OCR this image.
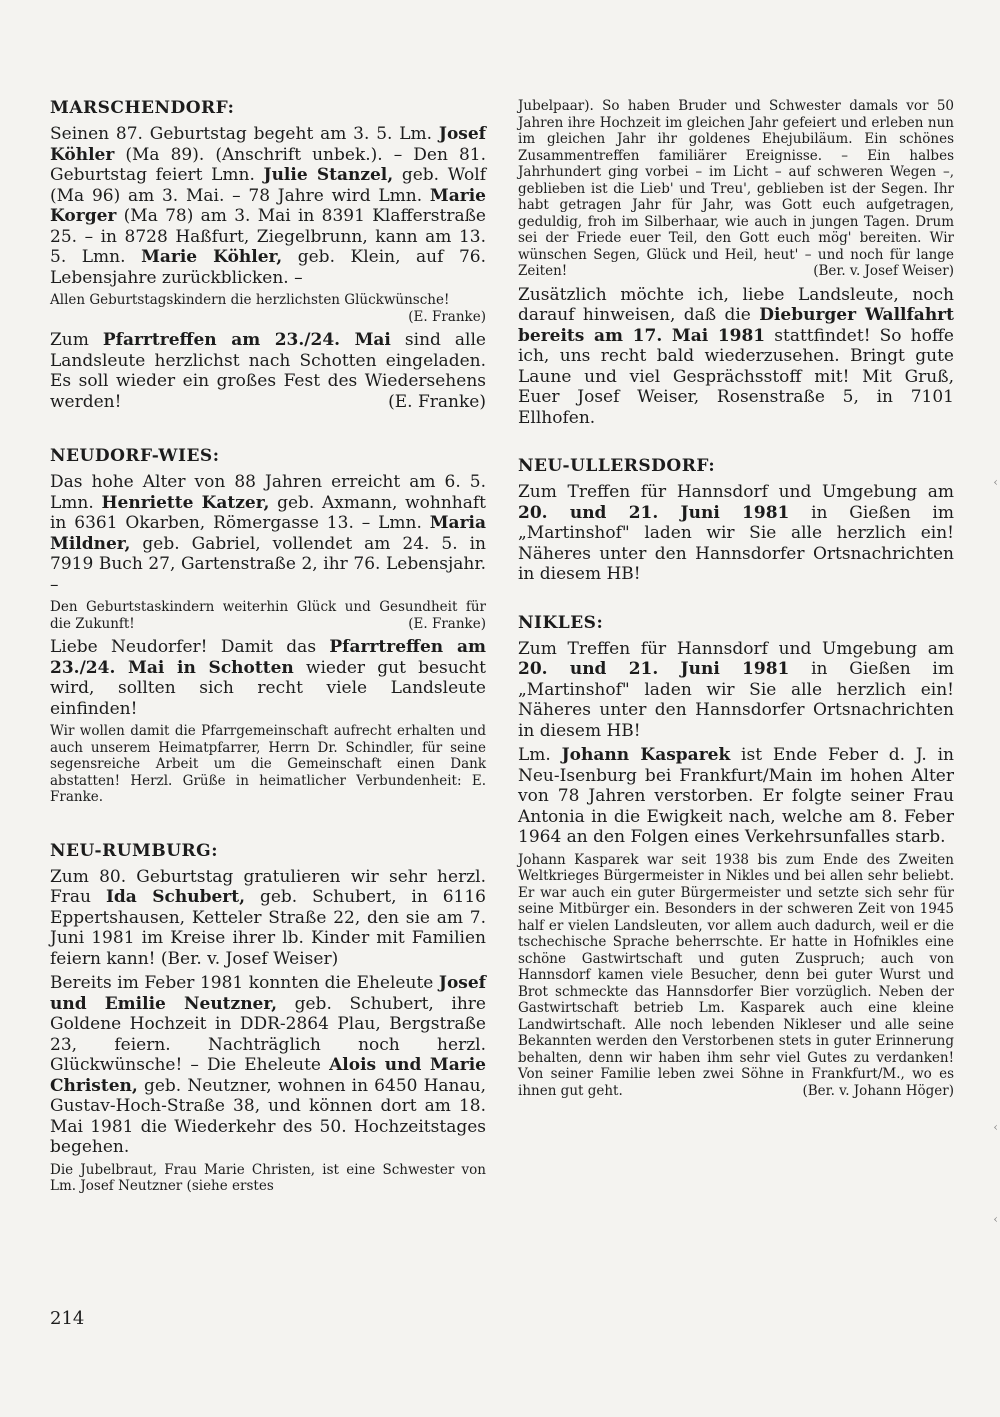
MARSCHENDORF:

Seinen 87. Geburtstag begeht am 3. 5. Lm. Josef Köhler (Ma 89). (Anschrift unbek.). – Den 81. Geburtstag feiert Lmn. Julie Stanzel, geb. Wolf (Ma 96) am 3. Mai. – 78 Jahre wird Lmn. Marie Korger (Ma 78) am 3. Mai in 8391 Klafferstraße 25. – in 8728 Haßfurt, Ziegelbrunn, kann am 13. 5. Lmn. Marie Köhler, geb. Klein, auf 76. Lebensjahre zurückblicken. –

Allen Geburtstagskindern die herzlichsten Glückwünsche!
(E. Franke)

Zum Pfarrtreffen am 23./24. Mai sind alle Landsleute herzlichst nach Schotten eingeladen. Es soll wieder ein großes Fest des Wiedersehens werden!	(E. Franke)

NEUDORF-WIES:

Das hohe Alter von 88 Jahren erreicht am 6. 5. Lmn. Henriette Katzer, geb. Axmann, wohnhaft in 6361 Okarben, Römergasse 13. – Lmn. Maria Mildner, geb. Gabriel, vollendet am 24. 5. in 7919 Buch 27, Gartenstraße 2, ihr 76. Lebensjahr. –

Den Geburtstaskindern weiterhin Glück und Gesundheit für die Zukunft!	(E. Franke)

Liebe Neudorfer! Damit das Pfarrtreffen am 23./24. Mai in Schotten wieder gut besucht wird, sollten sich recht viele Landsleute einfinden!

Wir wollen damit die Pfarrgemeinschaft aufrecht erhalten und auch unserem Heimatpfarrer, Herrn Dr. Schindler, für seine segensreiche Arbeit um die Gemeinschaft einen Dank abstatten! Herzl. Grüße in heimatlicher Verbundenheit: E. Franke.

NEU-RUMBURG:

Zum 80. Geburtstag gratulieren wir sehr herzl. Frau Ida Schubert, geb. Schubert, in 6116 Eppertshausen, Ketteler Straße 22, den sie am 7. Juni 1981 im Kreise ihrer lb. Kinder mit Familien feiern kann! (Ber. v. Josef Weiser)

Bereits im Feber 1981 konnten die Eheleute Josef und Emilie Neutzner, geb. Schubert, ihre Goldene Hochzeit in DDR-2864 Plau, Bergstraße 23, feiern. Nachträglich noch herzl. Glückwünsche! – Die Eheleute Alois und Marie Christen, geb. Neutzner, wohnen in 6450 Hanau, Gustav-Hoch-Straße 38, und können dort am 18. Mai 1981 die Wiederkehr des 50. Hochzeitstages begehen.

Die Jubelbraut, Frau Marie Christen, ist eine Schwester von Lm. Josef Neutzner (siehe erstes

Jubelpaar). So haben Bruder und Schwester damals vor 50 Jahren ihre Hochzeit im gleichen Jahr gefeiert und erleben nun im gleichen Jahr ihr goldenes Ehejubiläum. Ein schönes Zusammentreffen familiärer Ereignisse. – Ein halbes Jahrhundert ging vorbei – im Licht – auf schweren Wegen –, geblieben ist die Lieb' und Treu', geblieben ist der Segen. Ihr habt getragen Jahr für Jahr, was Gott euch aufgetragen, geduldig, froh im Silberhaar, wie auch in jungen Tagen. Drum sei der Friede euer Teil, den Gott euch mög' bereiten. Wir wünschen Segen, Glück und Heil, heut' – und noch für lange Zeiten!	(Ber. v. Josef Weiser)

Zusätzlich möchte ich, liebe Landsleute, noch darauf hinweisen, daß die Dieburger Wallfahrt bereits am 17. Mai 1981 stattfindet! So hoffe ich, uns recht bald wiederzusehen. Bringt gute Laune und viel Gesprächsstoff mit! Mit Gruß, Euer Josef Weiser, Rosenstraße 5, in 7101 Ellhofen.

NEU-ULLERSDORF:

Zum Treffen für Hannsdorf und Umgebung am 20. und 21. Juni 1981 in Gießen im „Martinshof" laden wir Sie alle herzlich ein! Näheres unter den Hannsdorfer Ortsnachrichten in diesem HB!

NIKLES:

Zum Treffen für Hannsdorf und Umgebung am 20. und 21. Juni 1981 in Gießen im „Martinshof" laden wir Sie alle herzlich ein! Näheres unter den Hannsdorfer Ortsnachrichten in diesem HB!

Lm. Johann Kasparek ist Ende Feber d. J. in Neu-Isenburg bei Frankfurt/Main im hohen Alter von 78 Jahren verstorben. Er folgte seiner Frau Antonia in die Ewigkeit nach, welche am 8. Feber 1964 an den Folgen eines Verkehrsunfalles starb.

Johann Kasparek war seit 1938 bis zum Ende des Zweiten Weltkrieges Bürgermeister in Nikles und bei allen sehr beliebt. Er war auch ein guter Bürgermeister und setzte sich sehr für seine Mitbürger ein. Besonders in der schweren Zeit von 1945 half er vielen Landsleuten, vor allem auch dadurch, weil er die tschechische Sprache beherrschte. Er hatte in Hofnikles eine schöne Gastwirtschaft und guten Zuspruch; auch von Hannsdorf kamen viele Besucher, denn bei guter Wurst und Brot schmeckte das Hannsdorfer Bier vorzüglich. Neben der Gastwirtschaft betrieb Lm. Kasparek auch eine kleine Landwirtschaft. Alle noch lebenden Nikleser und alle seine Bekannten werden den Verstorbenen stets in guter Erinnerung behalten, denn wir haben ihm sehr viel Gutes zu verdanken! Von seiner Familie leben zwei Söhne in Frankfurt/M., wo es ihnen gut geht.	(Ber. v. Johann Höger)

214
‹
‹
‹
